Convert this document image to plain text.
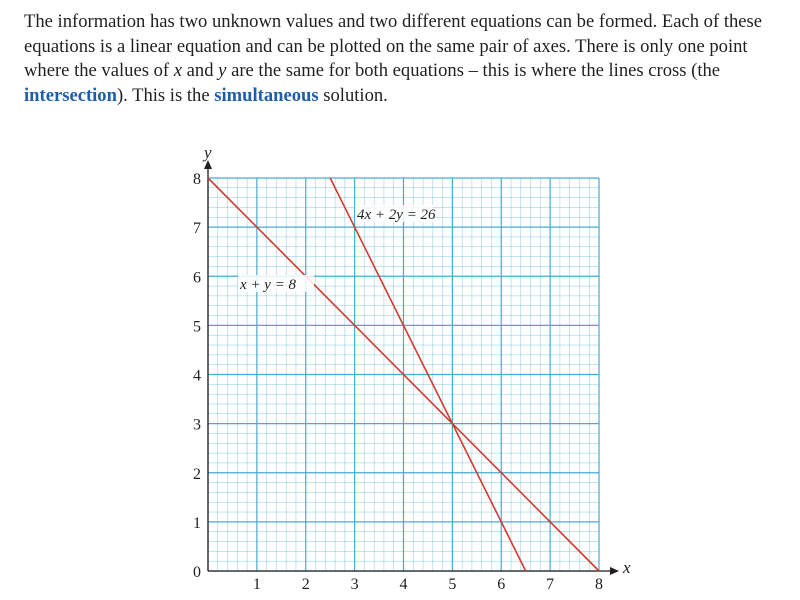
The information has two unknown values and two different equations can be formed. Each of these equations is a linear equation and can be plotted on the same pair of axes. There is only one point where the values of x and y are the same for both equations – this is where the lines cross (the intersection). This is the simultaneous solution.
x
y
1	2	3	4	5	6	7	8
0
1
2
3
4
5
6
7
8
x + y = 8
4x + 2y = 26
